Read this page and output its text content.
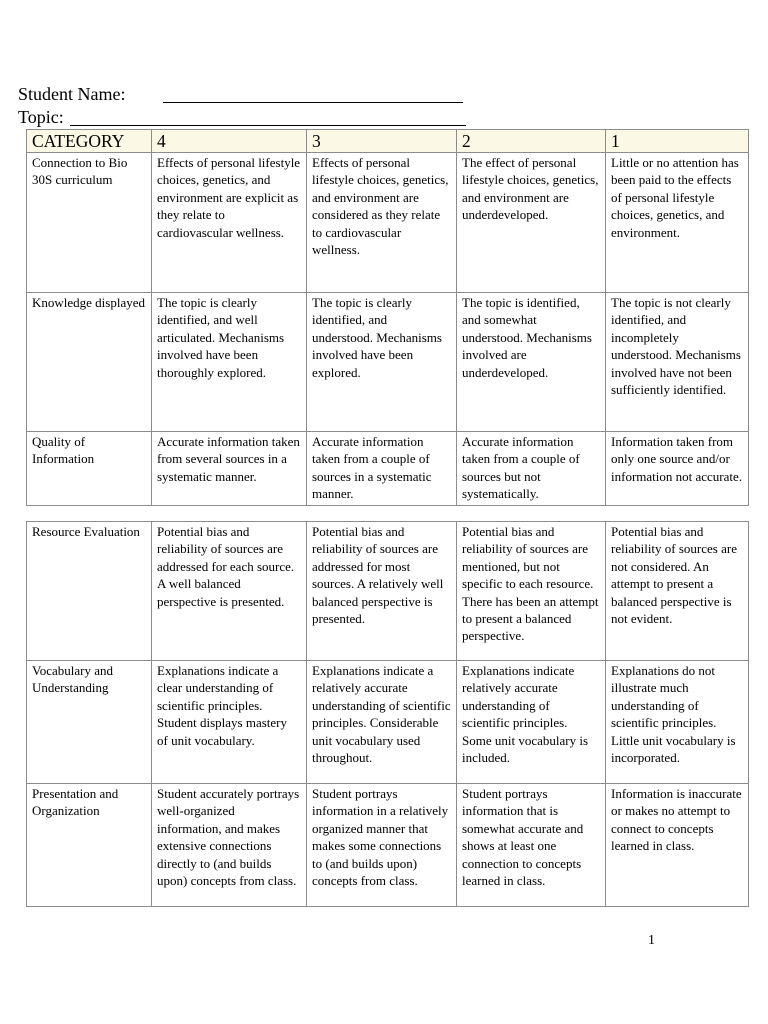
Student Name:
Topic:
CATEGORY	4	3	2	1
Connection to Bio 30S curriculum	Effects of personal lifestyle choices, genetics, and environment are explicit as they relate to cardiovascular wellness.	Effects of personal lifestyle choices, genetics, and environment are considered as they relate to cardiovascular wellness.	The effect of personal lifestyle choices, genetics, and environment are underdeveloped.	Little or no attention has been paid to the effects of personal lifestyle choices, genetics, and environment.
Knowledge displayed	The topic is clearly identified, and well articulated. Mechanisms involved have been thoroughly explored.	The topic is clearly identified, and understood. Mechanisms involved have been explored.	The topic is identified, and somewhat understood. Mechanisms involved are underdeveloped.	The topic is not clearly identified, and incompletely understood. Mechanisms involved have not been sufficiently identified.
Quality of Information	Accurate information taken from several sources in a systematic manner.	Accurate information taken from a couple of sources in a systematic manner.	Accurate information taken from a couple of sources but not systematically.	Information taken from only one source and/or information not accurate.
Resource Evaluation	Potential bias and reliability of sources are addressed for each source. A well balanced perspective is presented.	Potential bias and reliability of sources are addressed for most sources. A relatively well balanced perspective is presented.	Potential bias and reliability of sources are mentioned, but not specific to each resource. There has been an attempt to present a balanced perspective.	Potential bias and reliability of sources are not considered. An attempt to present a balanced perspective is not evident.
Vocabulary and Understanding	Explanations indicate a clear understanding of scientific principles. Student displays mastery of unit vocabulary.	Explanations indicate a relatively accurate understanding of scientific principles. Considerable unit vocabulary used throughout.	Explanations indicate relatively accurate understanding of scientific principles. Some unit vocabulary is included.	Explanations do not illustrate much understanding of scientific principles. Little unit vocabulary is incorporated.
Presentation and Organization	Student accurately portrays well-organized information, and makes extensive connections directly to (and builds upon) concepts from class.	Student portrays information in a relatively organized manner that makes some connections to (and builds upon) concepts from class.	Student portrays information that is somewhat accurate and shows at least one connection to concepts learned in class.	Information is inaccurate or makes no attempt to connect to concepts learned in class.
1
